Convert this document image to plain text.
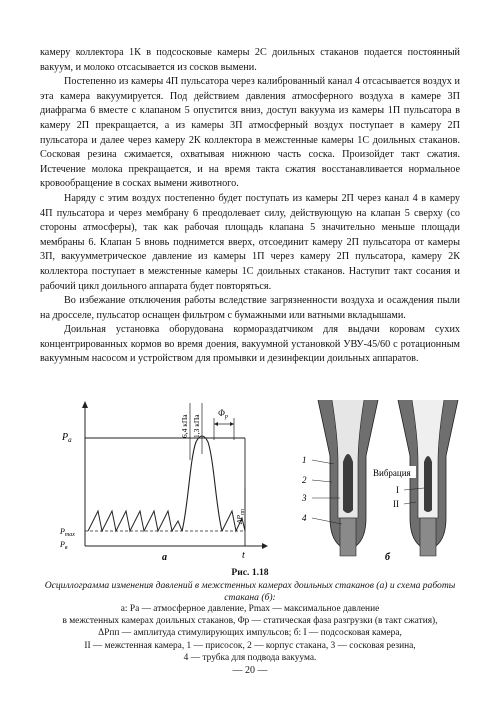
камеру коллектора 1К в подсосковые камеры 2С доильных стаканов подается постоянный вакуум, и молоко отсасывается из сосков вымени.

Постепенно из камеры 4П пульсатора через калиброванный канал 4 отсасывается воздух и эта камера вакуумируется. Под действием давления атмосферного воздуха в камере 3П диафрагма 6 вместе с клапаном 5 опустится вниз, доступ вакуума из камеры 1П пульсатора в камеру 2П прекращается, а из камеры 3П атмосферный воздух поступает в камеру 2П пульсатора и далее через камеру 2К коллектора в межстенные камеры 1С доильных стаканов. Сосковая резина сжимается, охватывая нижнюю часть соска. Произойдет такт сжатия. Истечение молока прекращается, и на время такта сжатия восстанавливается нормальное кровообращение в сосках вымени животного.

Наряду с этим воздух постепенно будет поступать из камеры 2П через канал 4 в камеру 4П пульсатора и через мембрану 6 преодолевает силу, действующую на клапан 5 сверху (со стороны атмосферы), так как рабочая площадь клапана 5 значительно меньше площади мембраны 6. Клапан 5 вновь поднимется вверх, отсоединит камеру 2П пульсатора от камеры 3П, вакуумметрическое давление из камеры 1П через камеру 2П пульсатора, камеру 2К коллектора поступает в межстенные камеры 1С доильных стаканов. Наступит такт сосания и рабочий цикл доильного аппарата будет повторяться.

Во избежание отключения работы вследствие загрязненности воздуха и осаждения пыли на дросселе, пульсатор оснащен фильтром с бумажными или ватными вкладышами.

Доильная установка оборудована кормораздатчиком для выдачи коровам сухих концентрированных кормов во время доения, вакуумной установкой УВУ-45/60 с ротационным вакуумным насосом и устройством для промывки и дезинфекции доильных аппаратов.

$P_a$
$P_{max}$
$P_в$
t
6,4 кПа 1,3 кПа
$\Phi_р$
$\Delta P_{пп}$
а
1
2
3
4
Вибрация
I
II
б
Рис. 1.18
Осциллограмма изменения давлений в межстенных камерах доильных стаканов (а) и схема работы стакана (б):
а: Pа — атмосферное давление, Pmax — максимальное давление
в межстенных камерах доильных стаканов, Φр — статическая фаза разгрузки (в такт сжатия),
ΔPпп — амплитуда стимулирующих импульсов; б: I — подсосковая камера,
II — межстенная камера, 1 — присосок, 2 — корпус стакана, 3 — сосковая резина,
4 — трубка для подвода вакуума.
— 20 —
